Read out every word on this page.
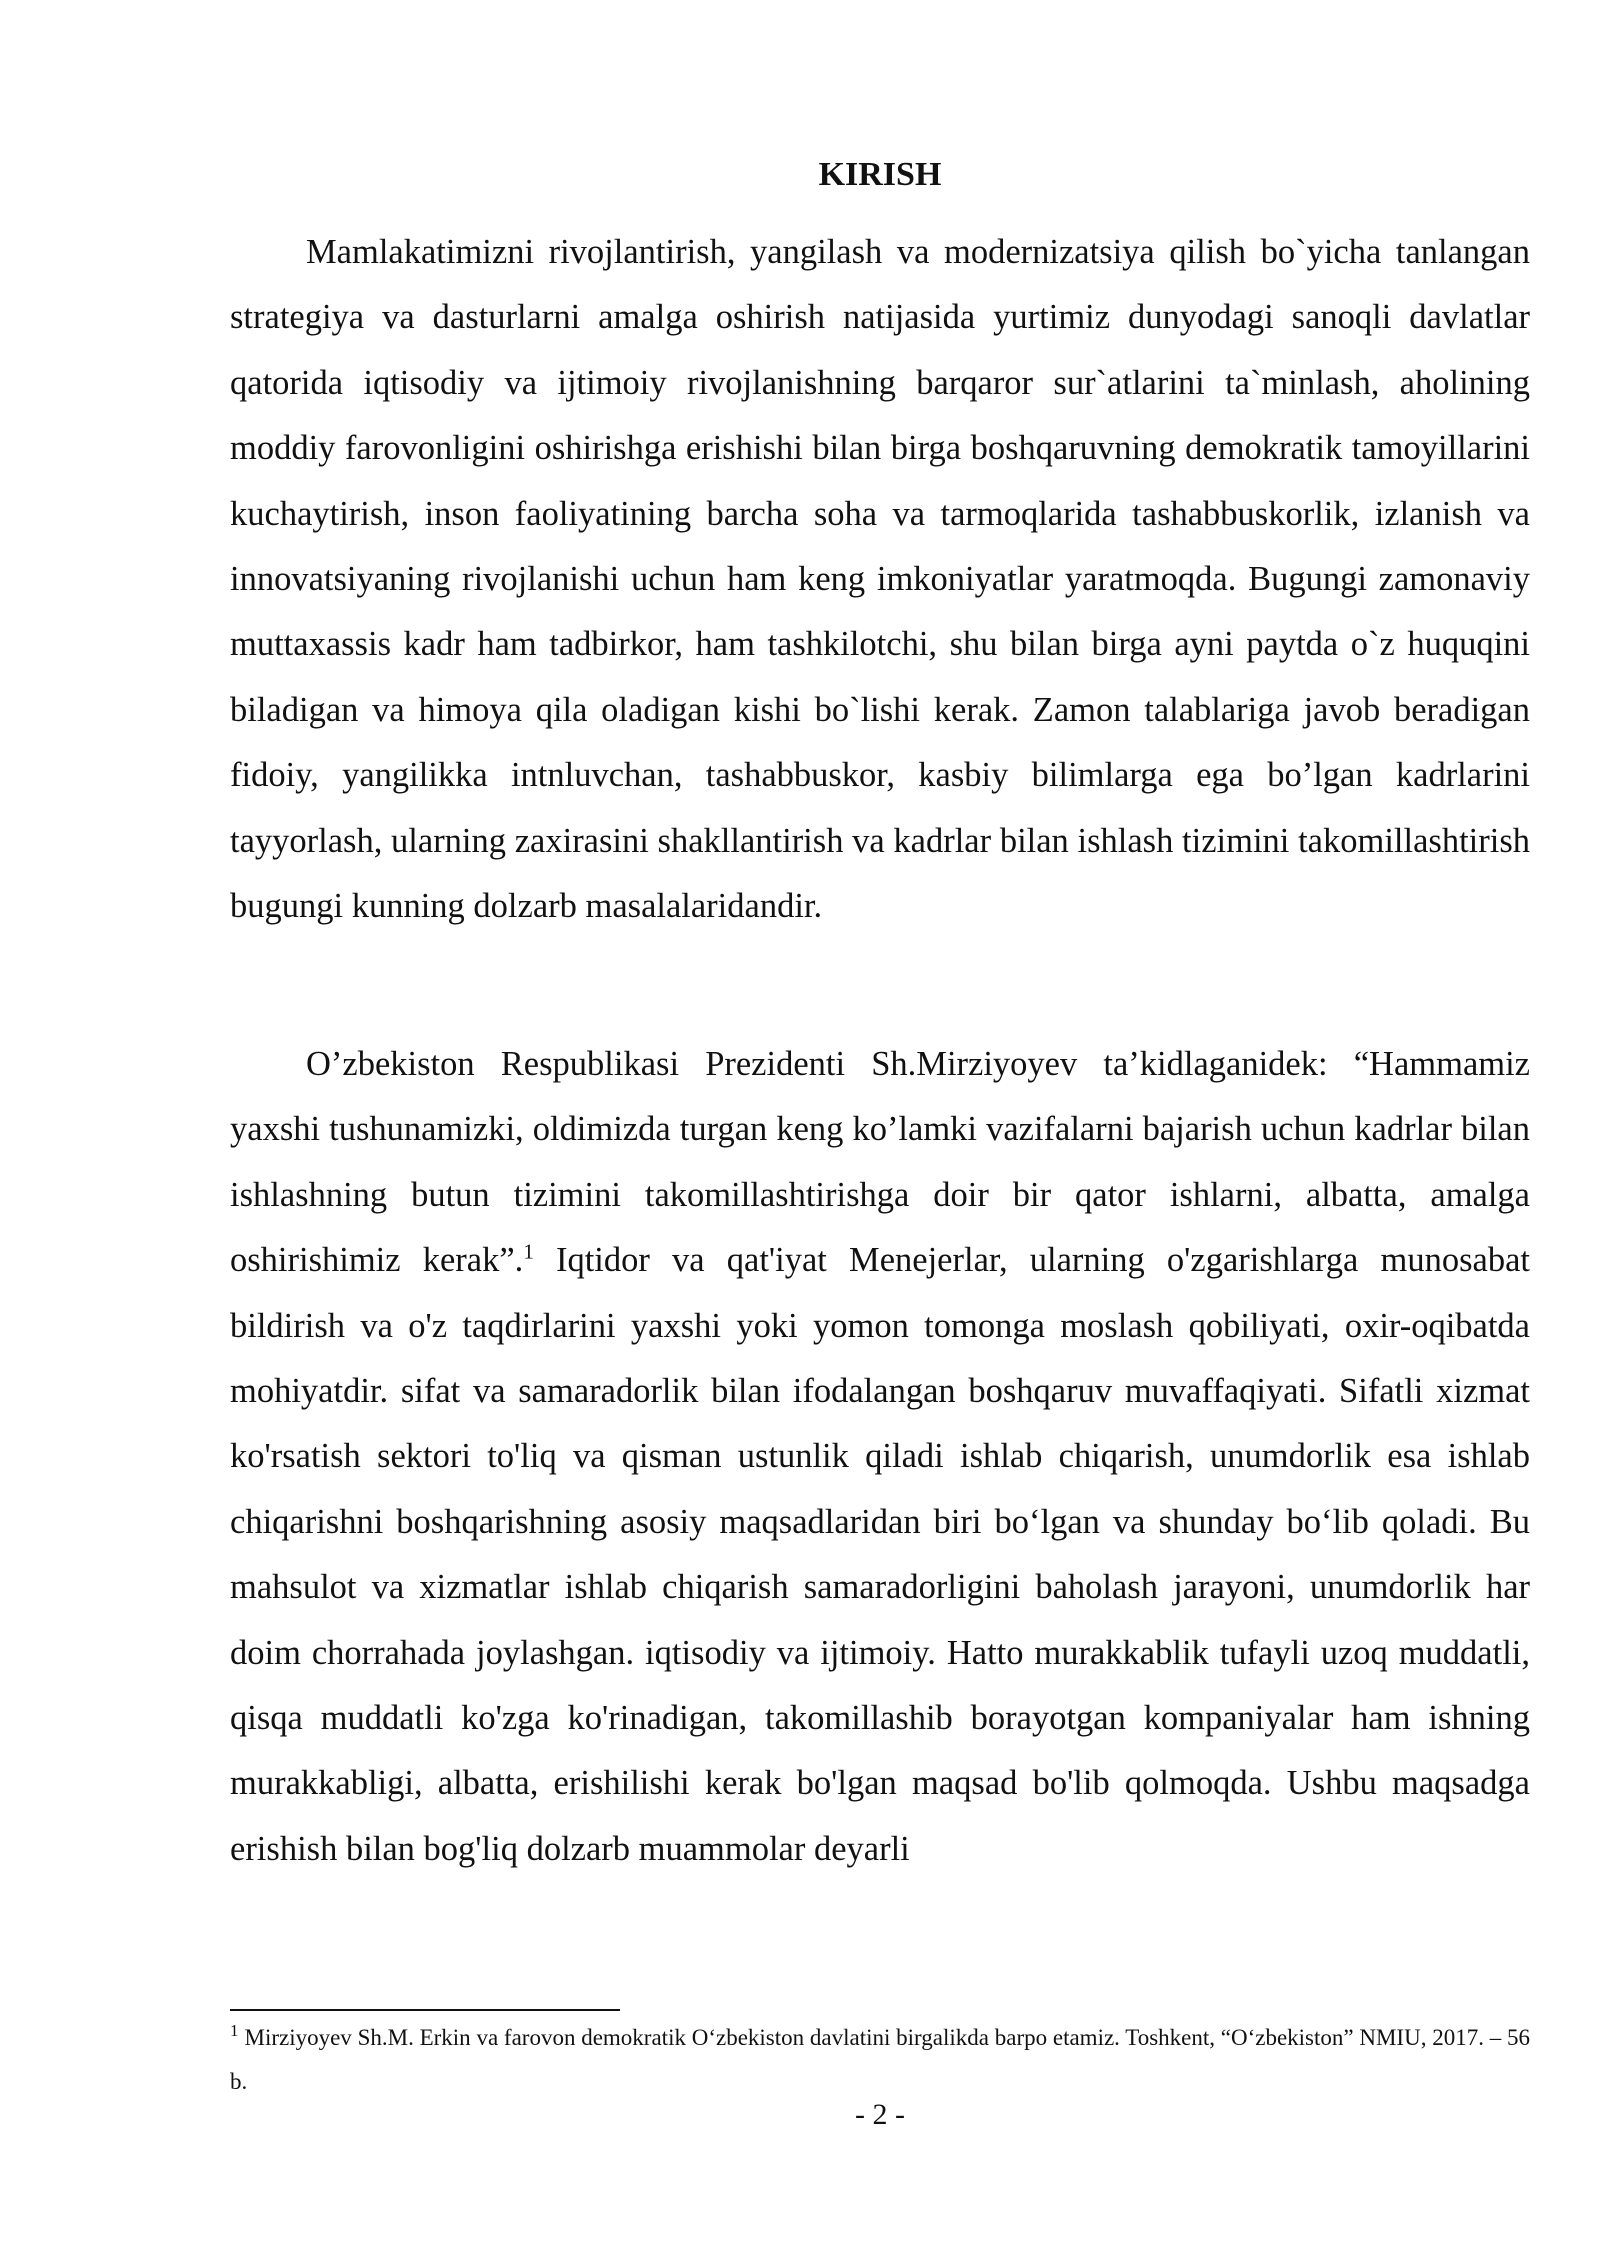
KIRISH

Mamlakatimizni rivojlantirish, yangilash va modernizatsiya qilish bo`yicha tanlangan strategiya va dasturlarni amalga oshirish natijasida yurtimiz dunyodagi sanoqli davlatlar qatorida iqtisodiy va ijtimoiy rivojlanishning barqaror sur`atlarini ta`minlash, aholining moddiy farovonligini oshirishga erishishi bilan birga boshqaruvning demokratik tamoyillarini kuchaytirish, inson faoliyatining barcha soha va tarmoqlarida tashabbuskorlik, izlanish va innovatsiyaning rivojlanishi uchun ham keng imkoniyatlar yaratmoqda. Bugungi zamonaviy muttaxassis kadr ham tadbirkor, ham tashkilotchi, shu bilan birga ayni paytda o`z huquqini biladigan va himoya qila oladigan kishi bo`lishi kerak. Zamon talablariga javob beradigan fidoiy, yangilikka intnluvchan, tashabbuskor, kasbiy bilimlarga ega bo’lgan kadrlarini tayyorlash, ularning zaxirasini shakllantirish va kadrlar bilan ishlash tizimini takomillashtirish bugungi kunning dolzarb masalalaridandir.

O’zbekiston Respublikasi Prezidenti Sh.Mirziyoyev ta’kidlaganidek: “Hammamiz yaxshi tushunamizki, oldimizda turgan keng ko’lamki vazifalarni bajarish uchun kadrlar bilan ishlashning butun tizimini takomillashtirishga doir bir qator ishlarni, albatta, amalga oshirishimiz kerak”.$^1$ Iqtidor va qat'iyat Menejerlar, ularning o'zgarishlarga munosabat bildirish va o'z taqdirlarini yaxshi yoki yomon tomonga moslash qobiliyati, oxir-oqibatda mohiyatdir. sifat va samaradorlik bilan ifodalangan boshqaruv muvaffaqiyati. Sifatli xizmat ko'rsatish sektori to'liq va qisman ustunlik qiladi ishlab chiqarish, unumdorlik esa ishlab chiqarishni boshqarishning asosiy maqsadlaridan biri boʻlgan va shunday boʻlib qoladi. Bu mahsulot va xizmatlar ishlab chiqarish samaradorligini baholash jarayoni, unumdorlik har doim chorrahada joylashgan. iqtisodiy va ijtimoiy. Hatto murakkablik tufayli uzoq muddatli, qisqa muddatli ko'zga ko'rinadigan, takomillashib borayotgan kompaniyalar ham ishning murakkabligi, albatta, erishilishi kerak bo'lgan maqsad bo'lib qolmoqda. Ushbu maqsadga erishish bilan bog'liq dolzarb muammolar deyarli

$^1$ Mirziyoyev Sh.M. Erkin va farovon demokratik Oʻzbekiston davlatini birgalikda barpo etamiz. Toshkent, “Oʻzbekiston” NMIU, 2017. – 56 b.

- 2 -
